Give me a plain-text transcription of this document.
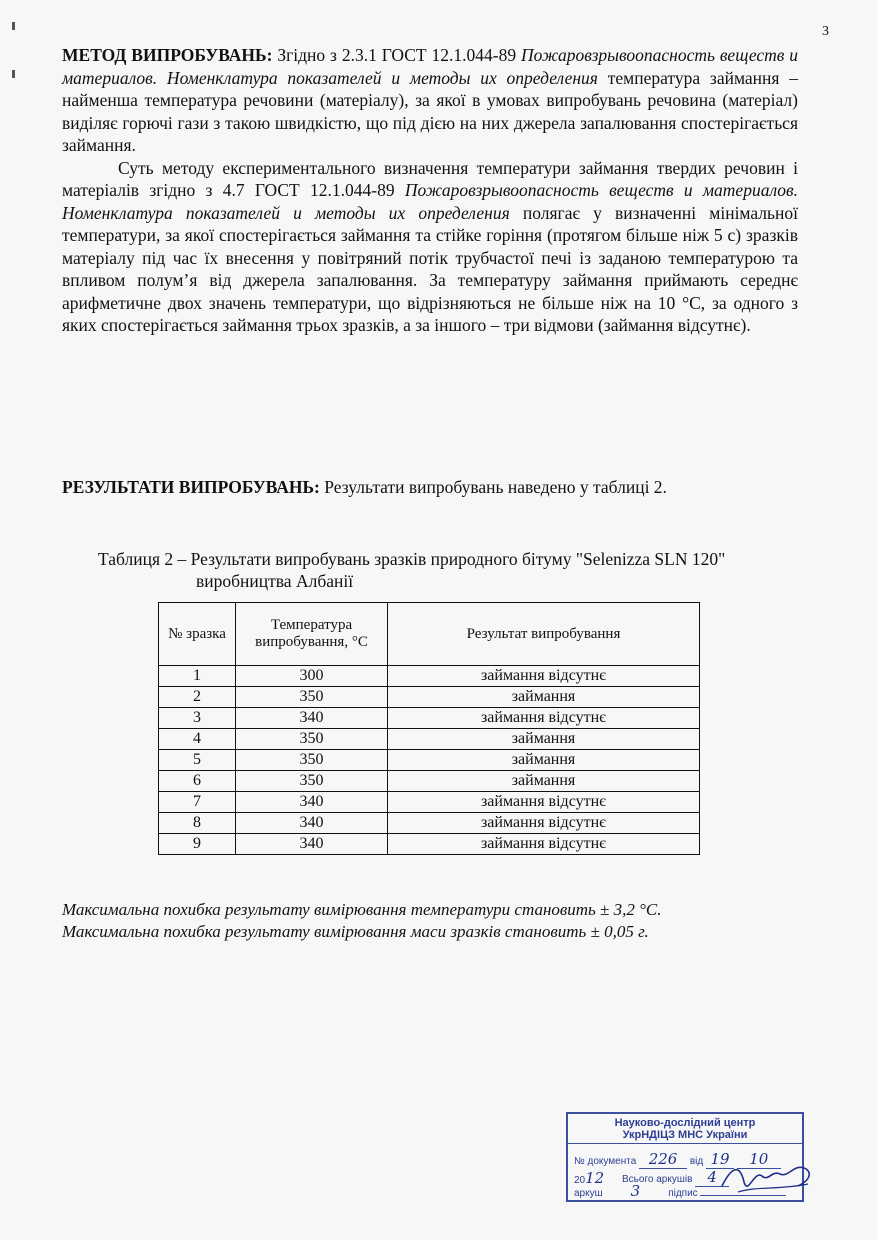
3

МЕТОД ВИПРОБУВАНЬ: Згідно з 2.3.1 ГОСТ 12.1.044-89 Пожаровзрывоопасность веществ и материалов. Номенклатура показателей и методы их определения температура займання – найменша температура речовини (матеріалу), за якої в умовах випробувань речовина (матеріал) виділяє горючі гази з такою швидкістю, що під дією на них джерела запалювання спостерігається займання.

Суть методу експериментального визначення температури займання твердих речовин і матеріалів згідно з 4.7 ГОСТ 12.1.044-89 Пожаровзрывоопасность веществ и материалов. Номенклатура показателей и методы их определения полягає у визначенні мінімальної температури, за якої спостерігається займання та стійке горіння (протягом більше ніж 5 с) зразків матеріалу під час їх внесення у повітряний потік трубчастої печі із заданою температурою та впливом полум’я від джерела запалювання. За температуру займання приймають середнє арифметичне двох значень температури, що відрізняються не більше ніж на 10 °C, за одного з яких спостерігається займання трьох зразків, а за іншого – три відмови (займання відсутнє).

РЕЗУЛЬТАТИ ВИПРОБУВАНЬ: Результати випробувань наведено у таблиці 2.
Таблиця 2 – Результати випробувань зразків природного бітуму "Selenizza SLN 120"
виробництва Албанії
№ зразка	Температура випробування, °С	Результат випробування
1	300	займання відсутнє
2	350	займання
3	340	займання відсутнє
4	350	займання
5	350	займання
6	350	займання
7	340	займання відсутнє
8	340	займання відсутнє
9	340	займання відсутнє
Максимальна похибка результату вимірювання температури становить ± 3,2 °С.
Максимальна похибка результату вимірювання маси зразків становить ± 0,05 г.
Науково-дослідний центр
УкрНДІЦЗ МНС України
№ документа 226 від 19 10 2012	Всього аркушів 4
аркуш 3	підпис
